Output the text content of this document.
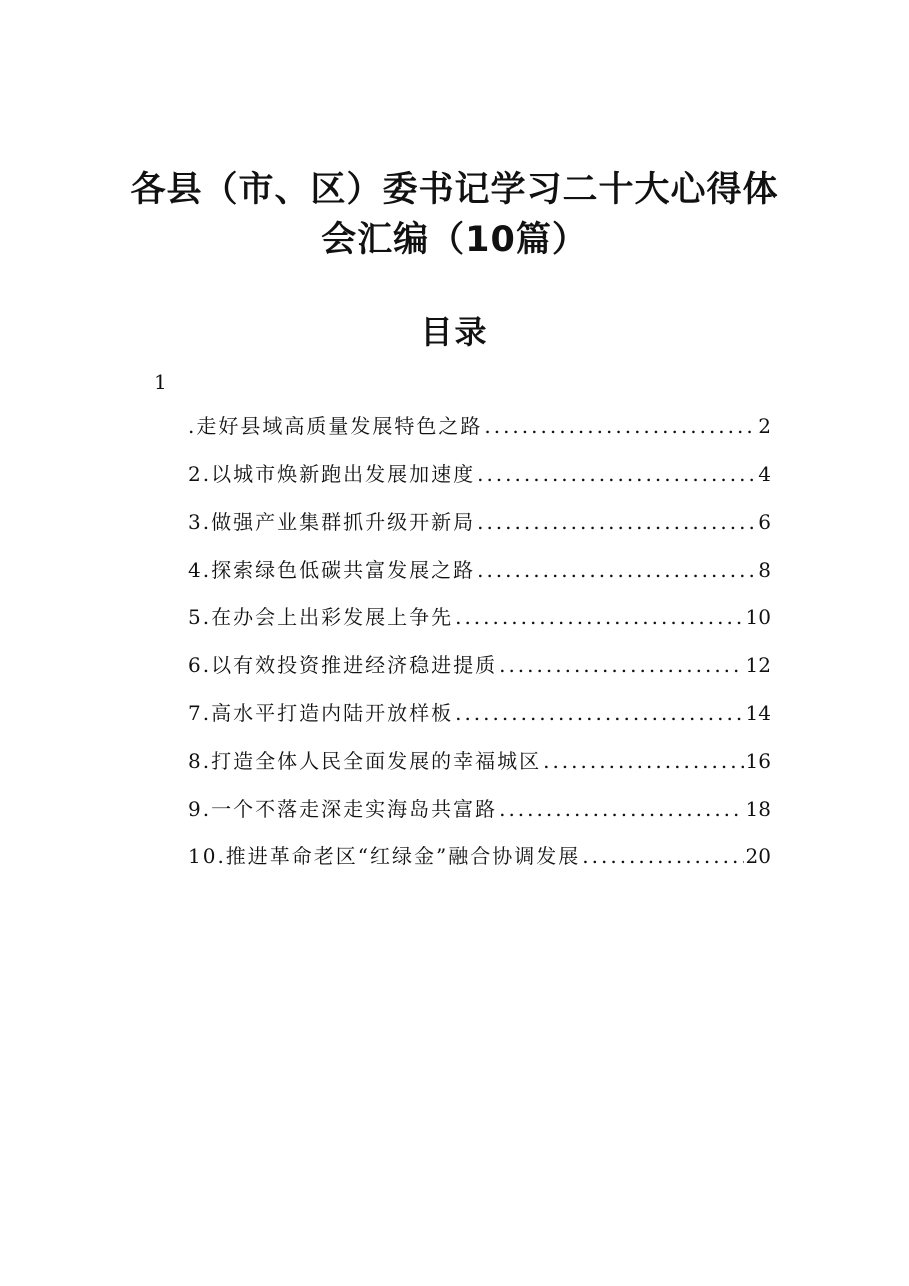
各县（市、区）委书记学习二十大心得体
会汇编（10篇）
目录
1
.走好县域高质量发展特色之路 .....	2
2.以城市焕新跑出发展加速度 .....	4
3.做强产业集群抓升级开新局 .....	6
4.探索绿色低碳共富发展之路 .....	8
5.在办会上出彩发展上争先 .....	10
6.以有效投资推进经济稳进提质 .....	12
7.高水平打造内陆开放样板 .....	14
8.打造全体人民全面发展的幸福城区 .....	16
9.一个不落走深走实海岛共富路 .....	18
10.推进革命老区“红绿金”融合协调发展 .....	20
